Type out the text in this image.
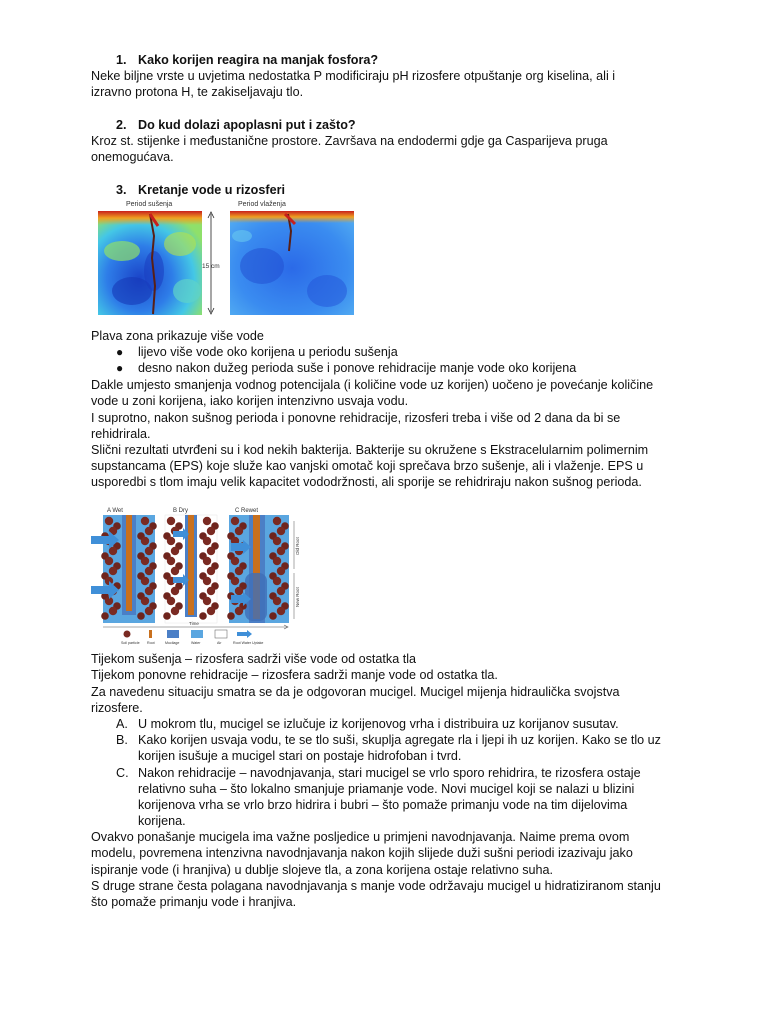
1. Kako korijen reagira na manjak fosfora?
Neke biljne vrste u uvjetima nedostatka P modificiraju pH rizosfere otpuštanje org kiselina, ali i
izravno protona H, te zakiseljavaju tlo.
2. Do kud dolazi apoplasni put i zašto?
Kroz st. stijenke i međustanične prostore. Završava na endodermi gdje ga Casparijeva pruga
onemogućava.
3. Kretanje vode u rizosferi
Period sušenja	Period vlaženja
15 cm
Plava zona prikazuje više vode
● lijevo više vode oko korijena u periodu sušenja
● desno nakon dužeg perioda suše i ponove rehidracije manje vode oko korijena
Dakle umjesto smanjenja vodnog potencijala (i količine vode uz korijen) uočeno je povećanje količine
vode u zoni korijena, iako korijen intenzivno usvaja vodu.
I suprotno, nakon sušnog perioda i ponovne rehidracije, rizosferi treba i više od 2 dana da bi se
rehidrirala.
Slični rezultati utvrđeni su i kod nekih bakterija. Bakterije su okružene s Ekstracelularnim polimernim
supstancama (EPS) koje služe kao vanjski omotač koji sprečava brzo sušenje, ali i vlaženje. EPS u
usporedbi s tlom imaju velik kapacitet vododržnosti, ali sporije se rehidriraju nakon sušnog perioda.
A Wet	B Dry	C Rewet
Old Root
New Root
Time
Soil particle Root	Mucilage	Water	Air	Root Water Uptake
Tijekom sušenja – rizosfera sadrži više vode od ostatka tla
Tijekom ponovne rehidracije – rizosfera sadrži manje vode od ostatka tla.
Za navedenu situaciju smatra se da je odgovoran mucigel. Mucigel mijenja hidraulička svojstva
rizosfere.
A. U mokrom tlu, mucigel se izlučuje iz korijenovog vrha i distribuira uz korijanov susutav.
B. Kako korijen usvaja vodu, te se tlo suši, skuplja agregate rla i ljepi ih uz korijen. Kako se tlo uz
korijen isušuje a mucigel stari on postaje hidrofoban i tvrd.
C. Nakon rehidracije – navodnjavanja, stari mucigel se vrlo sporo rehidrira, te rizosfera ostaje
relativno suha – što lokalno smanjuje priamanje vode. Novi mucigel koji se nalazi u blizini
korijenova vrha se vrlo brzo hidrira i bubri – što pomaže primanju vode na tim dijelovima
korijena.
Ovakvo ponašanje mucigela ima važne posljedice u primjeni navodnjavanja. Naime prema ovom
modelu, povremena intenzivna navodnjavanja nakon kojih slijede duži sušni periodi izazivaju jako
ispiranje vode (i hranjiva) u dublje slojeve tla, a zona korijena ostaje relativno suha.
S druge strane česta polagana navodnjavanja s manje vode održavaju mucigel u hidratiziranom stanju
što pomaže primanju vode i hranjiva.
